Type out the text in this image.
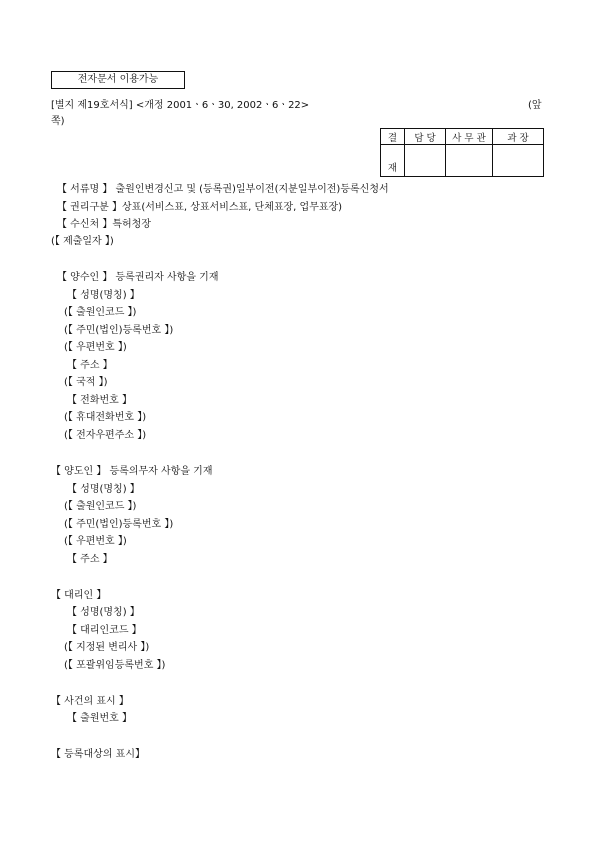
전자문서 이용가능
[별지 제19호서식] <개정 2001ㆍ6ㆍ30, 2002ㆍ6ㆍ22>	(앞
쪽)
결	담 당	사 무 관	과 장
재			
【 서류명 】 출원인변경신고 및 (등록권)일부이전(지분일부이전)등록신청서
【 권리구분 】상표(서비스표, 상표서비스표, 단체표장, 업무표장)
【 수신처 】특허청장
(【 제출일자 】)
【 양수인 】 등록권리자 사항을 기재
【 성명(명칭) 】
(【 출원인코드 】)
(【 주민(법인)등록번호 】)
(【 우편번호 】)
【 주소 】
(【 국적 】)
【 전화번호 】
(【 휴대전화번호 】)
(【 전자우편주소 】)
【 양도인 】 등록의무자 사항을 기재
【 성명(명칭) 】
(【 출원인코드 】)
(【 주민(법인)등록번호 】)
(【 우편번호 】)
【 주소 】
【 대리인 】
【 성명(명칭) 】
【 대리인코드 】
(【 지정된 변리사 】)
(【 포괄위임등록번호 】)
【 사건의 표시 】
【 출원번호 】
【 등록대상의 표시】
